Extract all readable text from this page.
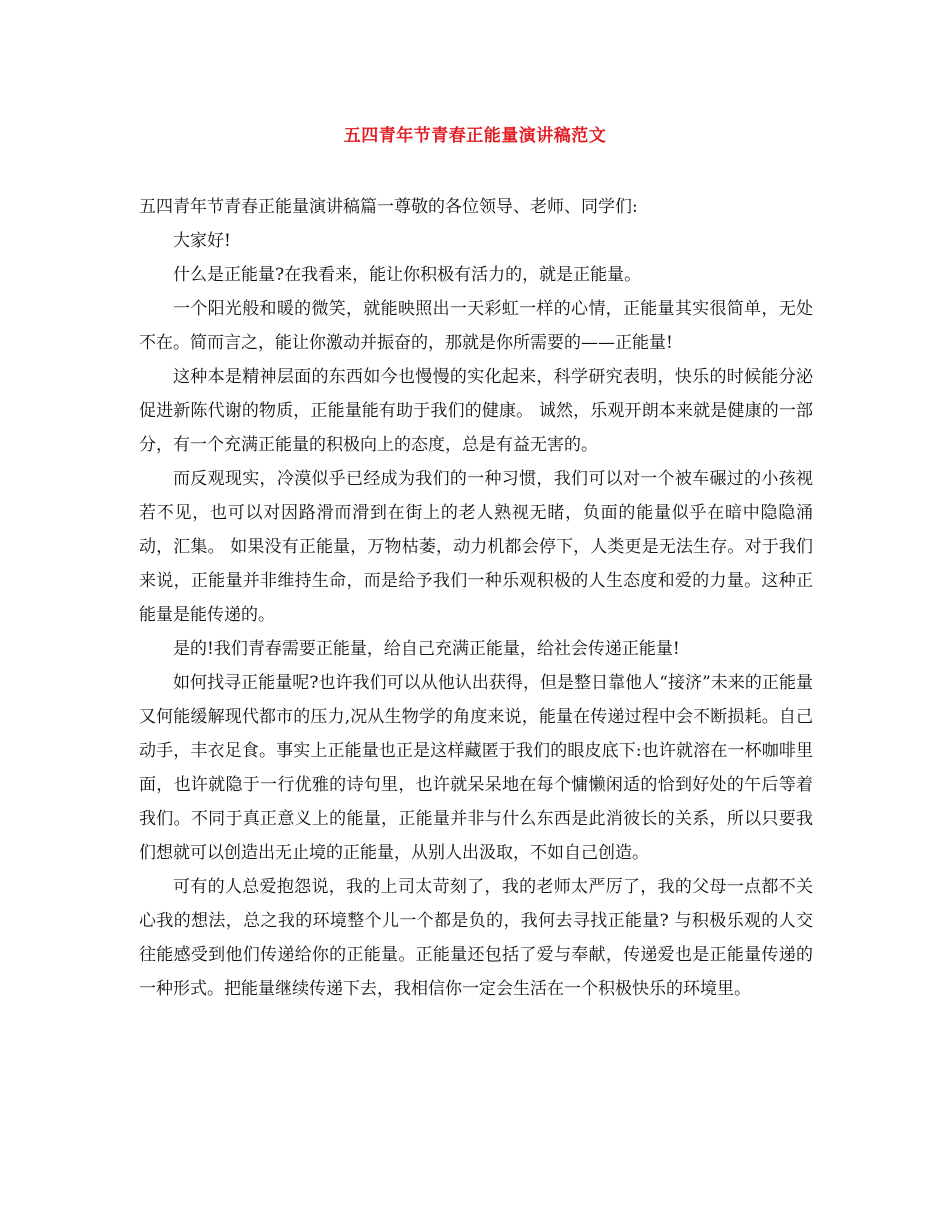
五四青年节青春正能量演讲稿范文

五四青年节青春正能量演讲稿篇一尊敬的各位领导、老师、同学们:

大家好!

什么是正能量?在我看来，能让你积极有活力的，就是正能量。

一个阳光般和暖的微笑，就能映照出一天彩虹一样的心情，正能量其实很简单，无处不在。简而言之，能让你激动并振奋的，那就是你所需要的——正能量!

这种本是精神层面的东西如今也慢慢的实化起来，科学研究表明，快乐的时候能分泌促进新陈代谢的物质，正能量能有助于我们的健康。 诚然，乐观开朗本来就是健康的一部分，有一个充满正能量的积极向上的态度，总是有益无害的。

而反观现实，冷漠似乎已经成为我们的一种习惯，我们可以对一个被车碾过的小孩视若不见，也可以对因路滑而滑到在街上的老人熟视无睹，负面的能量似乎在暗中隐隐涌动，汇集。 如果没有正能量，万物枯萎，动力机都会停下，人类更是无法生存。对于我们来说，正能量并非维持生命，而是给予我们一种乐观积极的人生态度和爱的力量。这种正能量是能传递的。

是的!我们青春需要正能量，给自己充满正能量，给社会传递正能量!

如何找寻正能量呢?也许我们可以从他认出获得，但是整日靠他人“接济”未来的正能量又何能缓解现代都市的压力,况从生物学的角度来说，能量在传递过程中会不断损耗。自己动手，丰衣足食。事实上正能量也正是这样藏匿于我们的眼皮底下:也许就溶在一杯咖啡里面，也许就隐于一行优雅的诗句里，也许就呆呆地在每个慵懒闲适的恰到好处的午后等着我们。不同于真正意义上的能量，正能量并非与什么东西是此消彼长的关系，所以只要我们想就可以创造出无止境的正能量，从别人出汲取，不如自己创造。

可有的人总爱抱怨说，我的上司太苛刻了，我的老师太严厉了，我的父母一点都不关心我的想法，总之我的环境整个儿一个都是负的，我何去寻找正能量? 与积极乐观的人交往能感受到他们传递给你的正能量。正能量还包括了爱与奉献，传递爱也是正能量传递的一种形式。把能量继续传递下去，我相信你一定会生活在一个积极快乐的环境里。
